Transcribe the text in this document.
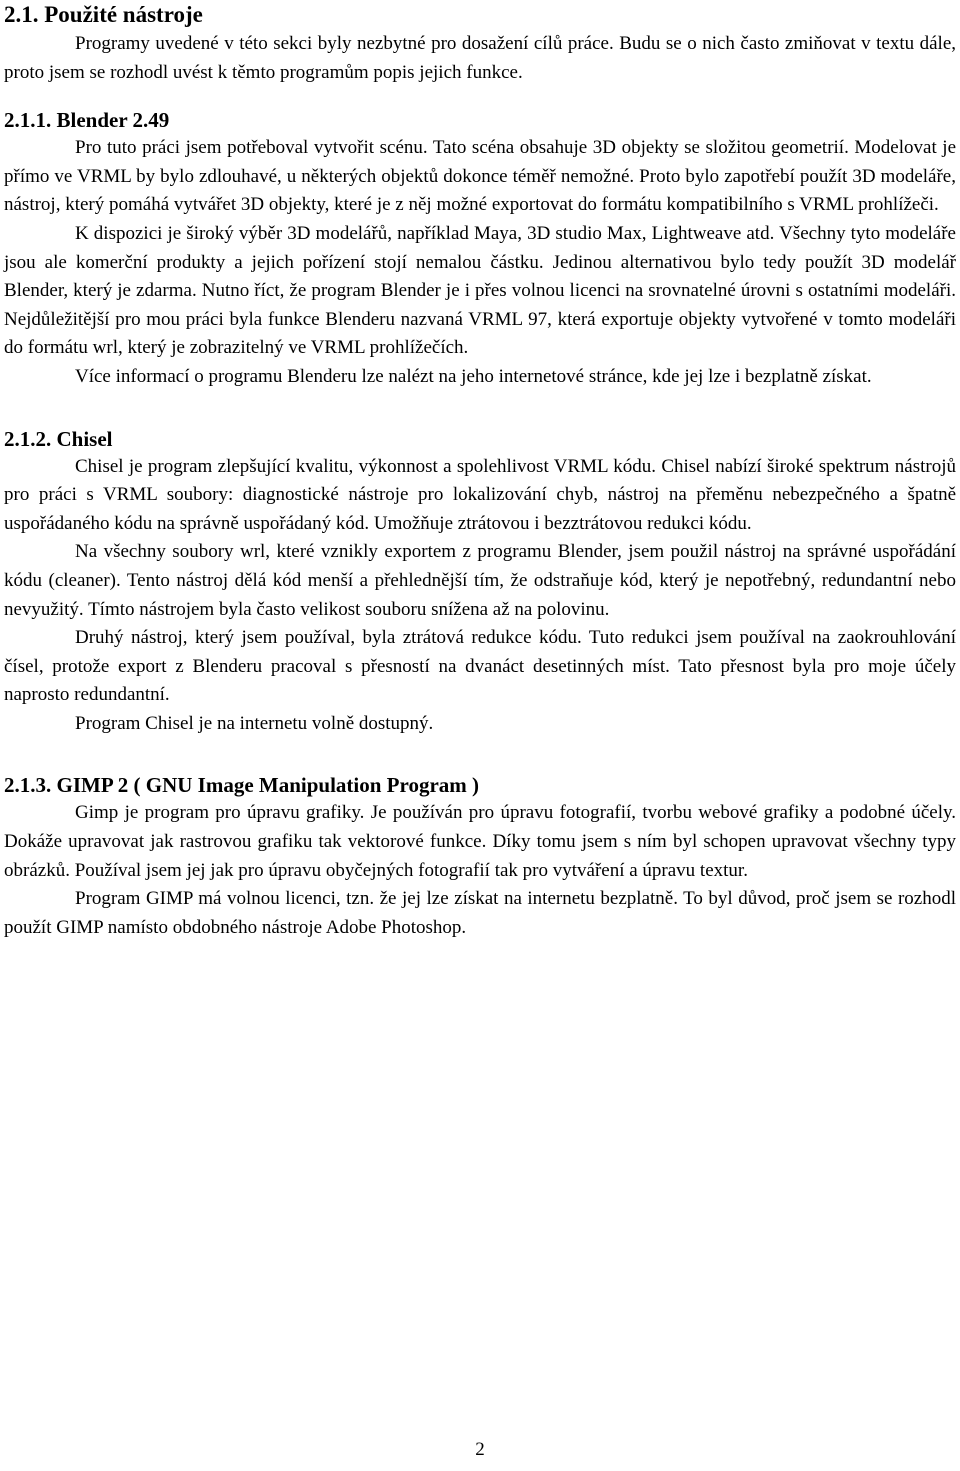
2.1. Použité nástroje

Programy uvedené v této sekci byly nezbytné pro dosažení cílů práce. Budu se o nich často zmiňovat v textu dále, proto jsem se rozhodl uvést k těmto programům popis jejich funkce.

2.1.1. Blender 2.49

Pro tuto práci jsem potřeboval vytvořit scénu. Tato scéna obsahuje 3D objekty se složitou geometrií. Modelovat je přímo ve VRML by bylo zdlouhavé, u některých objektů dokonce téměř nemožné. Proto bylo zapotřebí použít 3D modeláře, nástroj, který pomáhá vytvářet 3D objekty, které je z něj možné exportovat do formátu kompatibilního s VRML prohlížeči.

K dispozici je široký výběr 3D modelářů, například Maya, 3D studio Max, Lightweave atd. Všechny tyto modeláře jsou ale komerční produkty a jejich pořízení stojí nemalou částku. Jedinou alternativou bylo tedy použít 3D modelář Blender, který je zdarma. Nutno říct, že program Blender je i přes volnou licenci na srovnatelné úrovni s ostatními modeláři. Nejdůležitější pro mou práci byla funkce Blenderu nazvaná VRML 97, která exportuje objekty vytvořené v tomto modeláři do formátu wrl, který je zobrazitelný ve VRML prohlížečích.

Více informací o programu Blenderu lze nalézt na jeho internetové stránce, kde jej lze i bezplatně získat.

2.1.2. Chisel

Chisel je program zlepšující kvalitu, výkonnost a spolehlivost VRML kódu. Chisel nabízí široké spektrum nástrojů pro práci s VRML soubory: diagnostické nástroje pro lokalizování chyb, nástroj na přeměnu nebezpečného a špatně uspořádaného kódu na správně uspořádaný kód. Umožňuje ztrátovou i bezztrátovou redukci kódu.

Na všechny soubory wrl, které vznikly exportem z programu Blender, jsem použil nástroj na správné uspořádání kódu (cleaner). Tento nástroj dělá kód menší a přehlednější tím, že odstraňuje kód, který je nepotřebný, redundantní nebo nevyužitý. Tímto nástrojem byla často velikost souboru snížena až na polovinu.

Druhý nástroj, který jsem používal, byla ztrátová redukce kódu. Tuto redukci jsem používal na zaokrouhlování čísel, protože export z Blenderu pracoval s přesností na dvanáct desetinných míst. Tato přesnost byla pro moje účely naprosto redundantní.

Program Chisel je na internetu volně dostupný.

2.1.3. GIMP 2 ( GNU Image Manipulation Program )

Gimp je program pro úpravu grafiky. Je používán pro úpravu fotografií, tvorbu webové grafiky a podobné účely. Dokáže upravovat jak rastrovou grafiku tak vektorové funkce. Díky tomu jsem s ním byl schopen upravovat všechny typy obrázků. Používal jsem jej jak pro úpravu obyčejných fotografií tak pro vytváření a úpravu textur.

Program GIMP má volnou licenci, tzn. že jej lze získat na internetu bezplatně. To byl důvod, proč jsem se rozhodl použít GIMP namísto obdobného nástroje Adobe Photoshop.

2
